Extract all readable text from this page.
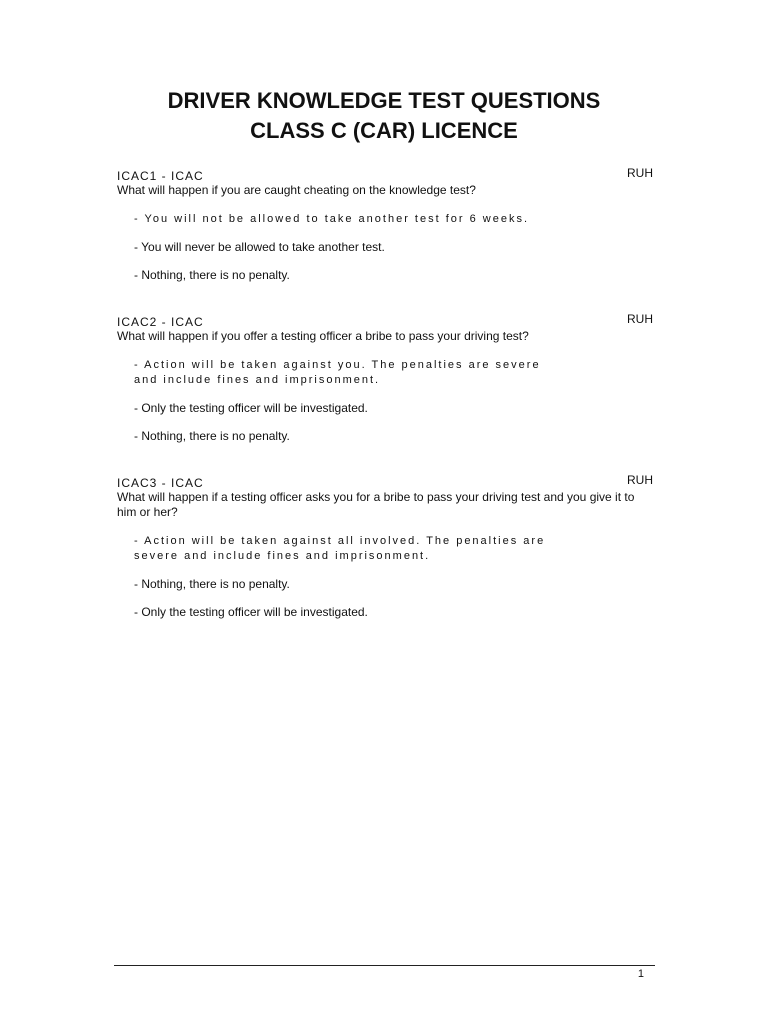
DRIVER KNOWLEDGE TEST QUESTIONS
CLASS C (CAR) LICENCE
ICAC1 - ICAC	RUH
What will happen if you are caught cheating on the knowledge test?
- You will not be allowed to take another test for 6 weeks.
- You will never be allowed to take another test.
- Nothing, there is no penalty.
ICAC2 - ICAC	RUH
What will happen if you offer a testing officer a bribe to pass your driving test?
- Action will be taken against you. The penalties are severe and include fines and imprisonment.
- Only the testing officer will be investigated.
- Nothing, there is no penalty.
ICAC3 - ICAC	RUH
What will happen if a testing officer asks you for a bribe to pass your driving test and you give it to him or her?
- Action will be taken against all involved. The penalties are severe and include fines and imprisonment.
- Nothing, there is no penalty.
- Only the testing officer will be investigated.
1
